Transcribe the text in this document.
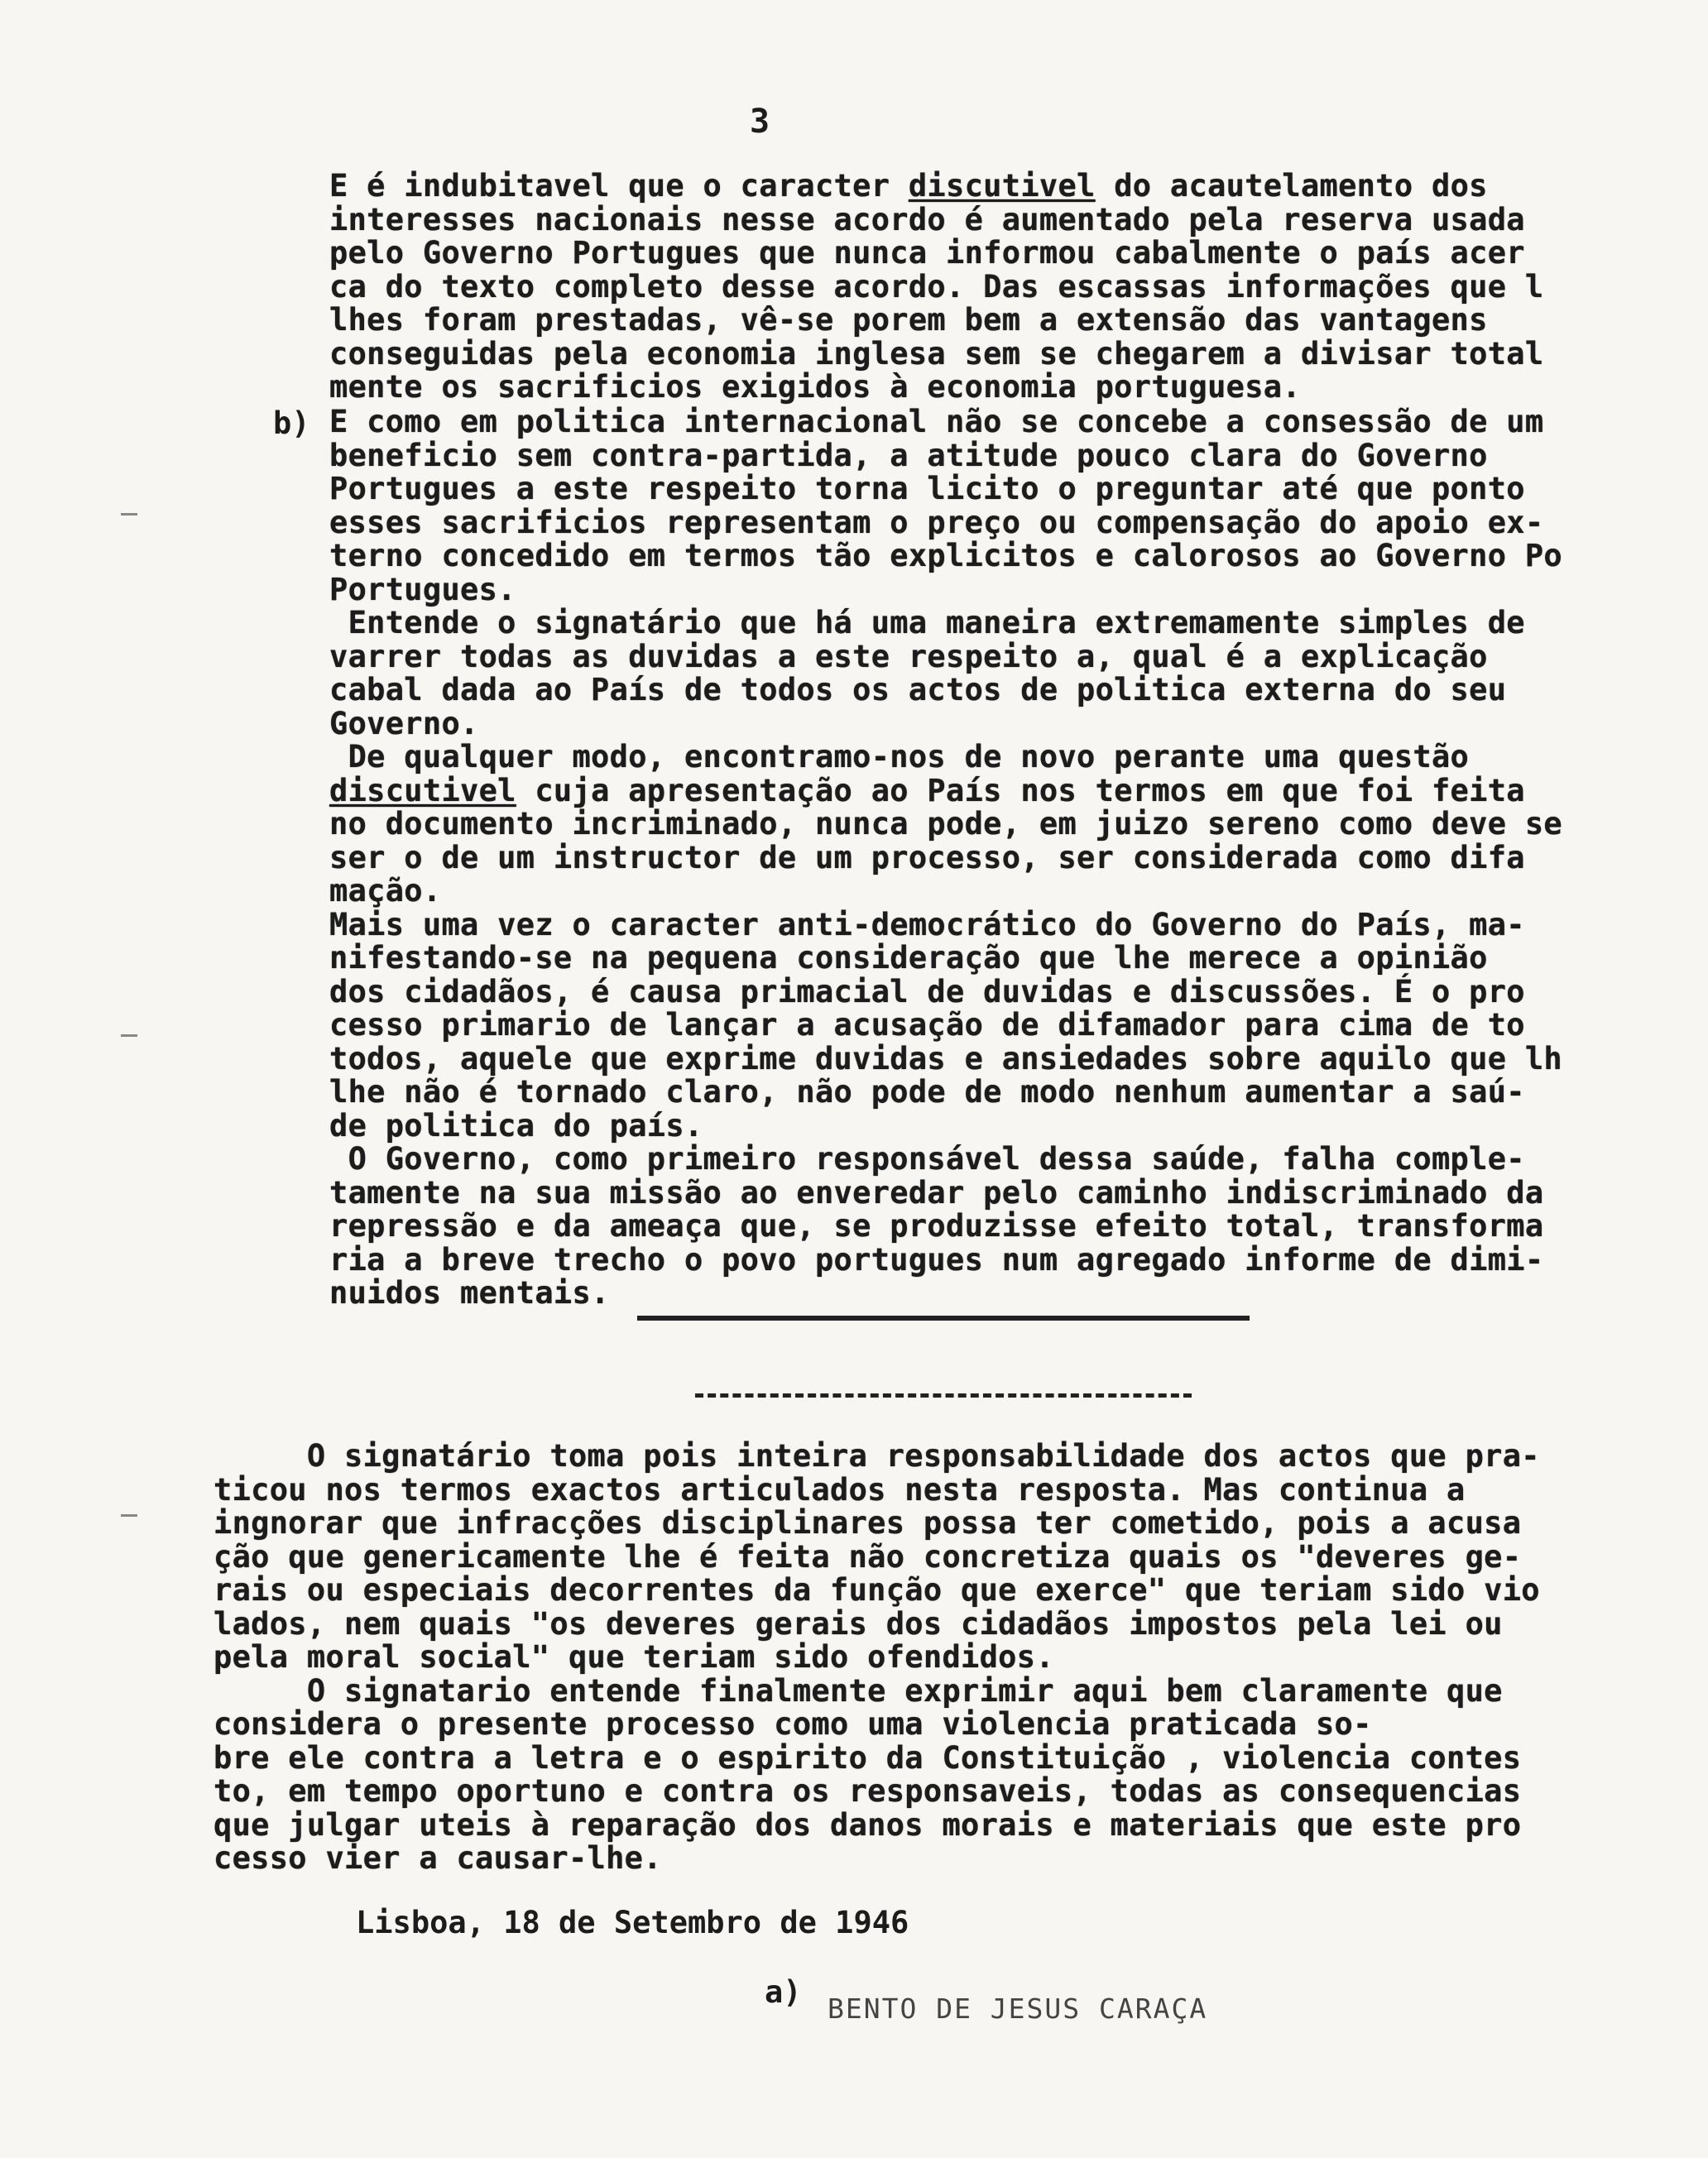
3
E é indubitavel que o caracter discutivel do acautelamento dos
interesses nacionais nesse acordo é aumentado pela reserva usada
pelo Governo Portugues que nunca informou cabalmente o país acer
ca do texto completo desse acordo. Das escassas informações que l
lhes foram prestadas, vê-se porem bem a extensão das vantagens
conseguidas pela economia inglesa sem se chegarem a divisar total
mente os sacrificios exigidos à economia portuguesa.
b) E como em politica internacional não se concebe a consessão de um
beneficio sem contra-partida, a atitude pouco clara do Governo
Portugues a este respeito torna licito o preguntar até que ponto
esses sacrificios representam o preço ou compensação do apoio ex-
terno concedido em termos tão explicitos e calorosos ao Governo Po
Portugues.
Entende o signatário que há uma maneira extremamente simples de
varrer todas as duvidas a este respeito a, qual é a explicação
cabal dada ao País de todos os actos de politica externa do seu
Governo.
De qualquer modo, encontramo-nos de novo perante uma questão
discutivel cuja apresentação ao País nos termos em que foi feita
no documento incriminado, nunca pode, em juizo sereno como deve se
ser o de um instructor de um processo, ser considerada como difa
mação.
Mais uma vez o caracter anti-democrático do Governo do País, ma-
nifestando-se na pequena consideração que lhe merece a opinião
dos cidadãos, é causa primacial de duvidas e discussões. É o pro
cesso primario de lançar a acusação de difamador para cima de to
todos, aquele que exprime duvidas e ansiedades sobre aquilo que lh
lhe não é tornado claro, não pode de modo nenhum aumentar a saú-
de politica do país.
O Governo, como primeiro responsável dessa saúde, falha comple-
tamente na sua missão ao enveredar pelo caminho indiscriminado da
repressão e da ameaça que, se produzisse efeito total, transforma
ria a breve trecho o povo portugues num agregado informe de dimi-
nuidos mentais.
O signatário toma pois inteira responsabilidade dos actos que pra-
ticou nos termos exactos articulados nesta resposta. Mas continua a
ingnorar que infracções disciplinares possa ter cometido, pois a acusa
ção que genericamente lhe é feita não concretiza quais os "deveres ge-
rais ou especiais decorrentes da função que exerce" que teriam sido vio
lados, nem quais "os deveres gerais dos cidadãos impostos pela lei ou
pela moral social" que teriam sido ofendidos.
O signatario entende finalmente exprimir aqui bem claramente que
considera o presente processo como uma violencia praticada so-
bre ele contra a letra e o espirito da Constituição , violencia contes
to, em tempo oportuno e contra os responsaveis, todas as consequencias
que julgar uteis à reparação dos danos morais e materiais que este pro
cesso vier a causar-lhe.
Lisboa, 18 de Setembro de 1946
a) BENTO DE JESUS CARAÇA
